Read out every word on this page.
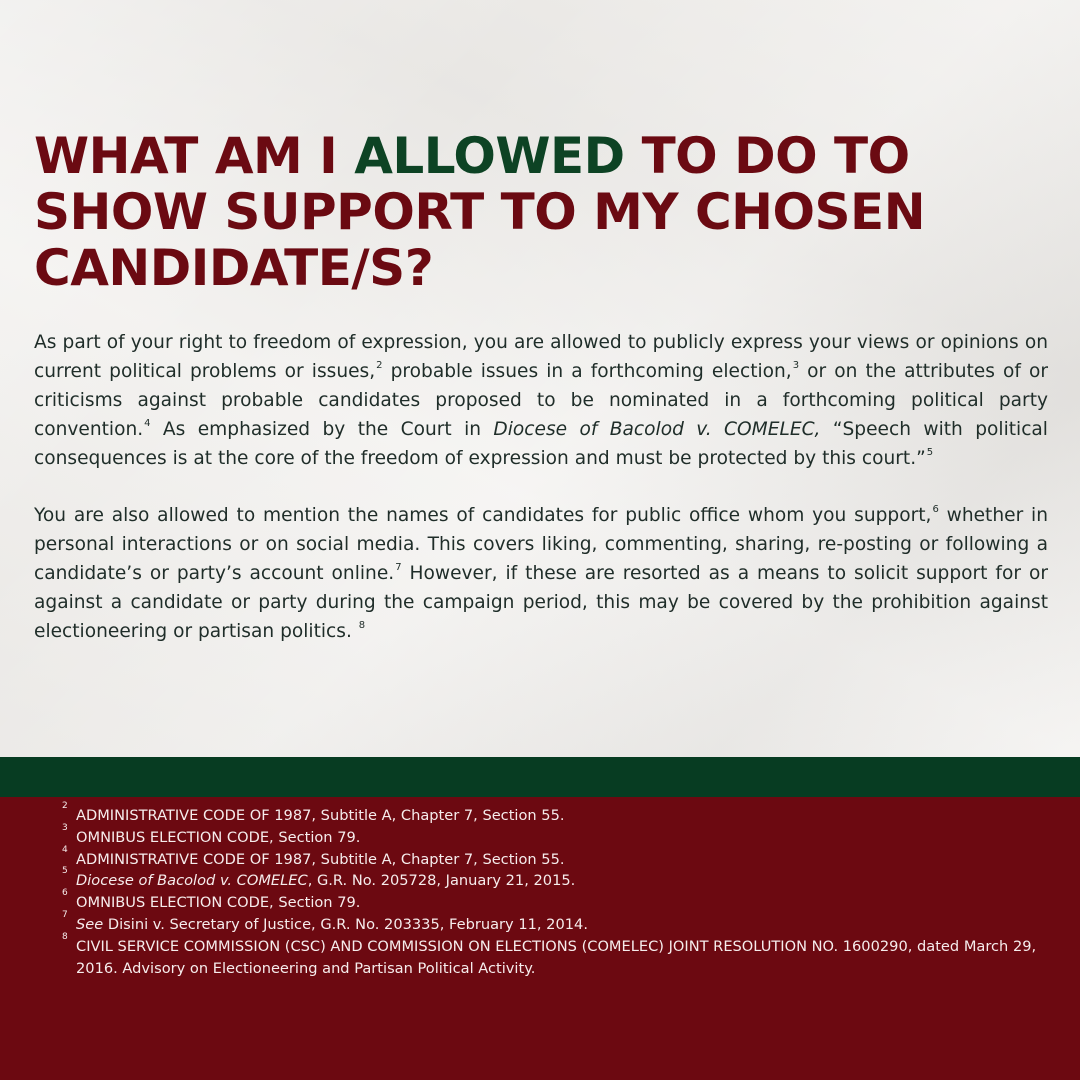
WHAT AM I ALLOWED TO DO TO SHOW SUPPORT TO MY CHOSEN CANDIDATE/S?

As part of your right to freedom of expression, you are allowed to publicly express your views or opinions on current political problems or issues,$^2$ probable issues in a forthcoming election,$^3$ or on the attributes of or criticisms against probable candidates proposed to be nominated in a forthcoming political party convention.$^4$ As emphasized by the Court in Diocese of Bacolod v. COMELEC, “Speech with political consequences is at the core of the freedom of expression and must be protected by this court.”$^5$

You are also allowed to mention the names of candidates for public office whom you support,$^6$ whether in personal interactions or on social media. This covers liking, commenting, sharing, re-posting or following a candidate’s or party’s account online.$^7$ However, if these are resorted as a means to solicit support for or against a candidate or party during the campaign period, this may be covered by the prohibition against electioneering or partisan politics. $^8$

2
ADMINISTRATIVE CODE OF 1987, Subtitle A, Chapter 7, Section 55.
3
OMNIBUS ELECTION CODE, Section 79.
4
ADMINISTRATIVE CODE OF 1987, Subtitle A, Chapter 7, Section 55.
5
Diocese of Bacolod v. COMELEC, G.R. No. 205728, January 21, 2015.
6
OMNIBUS ELECTION CODE, Section 79.
7
See Disini v. Secretary of Justice, G.R. No. 203335, February 11, 2014.
8
CIVIL SERVICE COMMISSION (CSC) AND COMMISSION ON ELECTIONS (COMELEC) JOINT RESOLUTION NO. 1600290, dated March 29, 2016. Advisory on Electioneering and Partisan Political Activity.
